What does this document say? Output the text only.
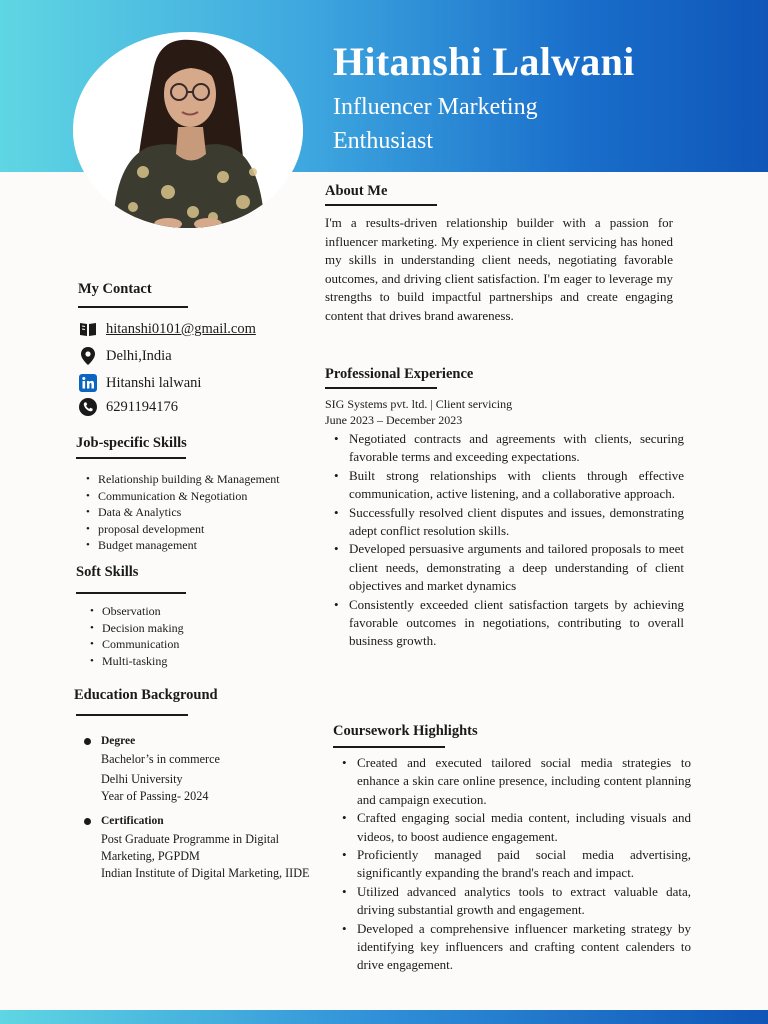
Hitanshi Lalwani
Influencer Marketing
Enthusiast
My Contact
hitanshi0101@gmail.com
Delhi,India
Hitanshi lalwani
6291194176
Job-specific Skills
• Relationship building & Management
• Communication & Negotiation
• Data & Analytics
• proposal development
• Budget management
Soft Skills
• Observation
• Decision making
• Communication
• Multi-tasking
Education Background
Degree
Bachelor’s in commerce
Delhi University
Year of Passing- 2024
Certification
Post Graduate Programme in Digital Marketing, PGPDM
Indian Institute of Digital Marketing, IIDE
About Me
I'm a results-driven relationship builder with a passion for influencer marketing. My experience in client servicing has honed my skills in understanding client needs, negotiating favorable outcomes, and driving client satisfaction. I'm eager to leverage my strengths to build impactful partnerships and create engaging content that drives brand awareness.
Professional Experience
SIG Systems pvt. ltd. | Client servicing
June 2023 – December 2023
• Negotiated contracts and agreements with clients, securing favorable terms and exceeding expectations.
• Built strong relationships with clients through effective communication, active listening, and a collaborative approach.
• Successfully resolved client disputes and issues, demonstrating adept conflict resolution skills.
• Developed persuasive arguments and tailored proposals to meet client needs, demonstrating a deep understanding of client objectives and market dynamics
• Consistently exceeded client satisfaction targets by achieving favorable outcomes in negotiations, contributing to overall business growth.
Coursework Highlights
• Created and executed tailored social media strategies to enhance a skin care online presence, including content planning and campaign execution.
• Crafted engaging social media content, including visuals and videos, to boost audience engagement.
• Proficiently managed paid social media advertising, significantly expanding the brand's reach and impact.
• Utilized advanced analytics tools to extract valuable data, driving substantial growth and engagement.
• Developed a comprehensive influencer marketing strategy by identifying key influencers and crafting content calenders to drive engagement.
